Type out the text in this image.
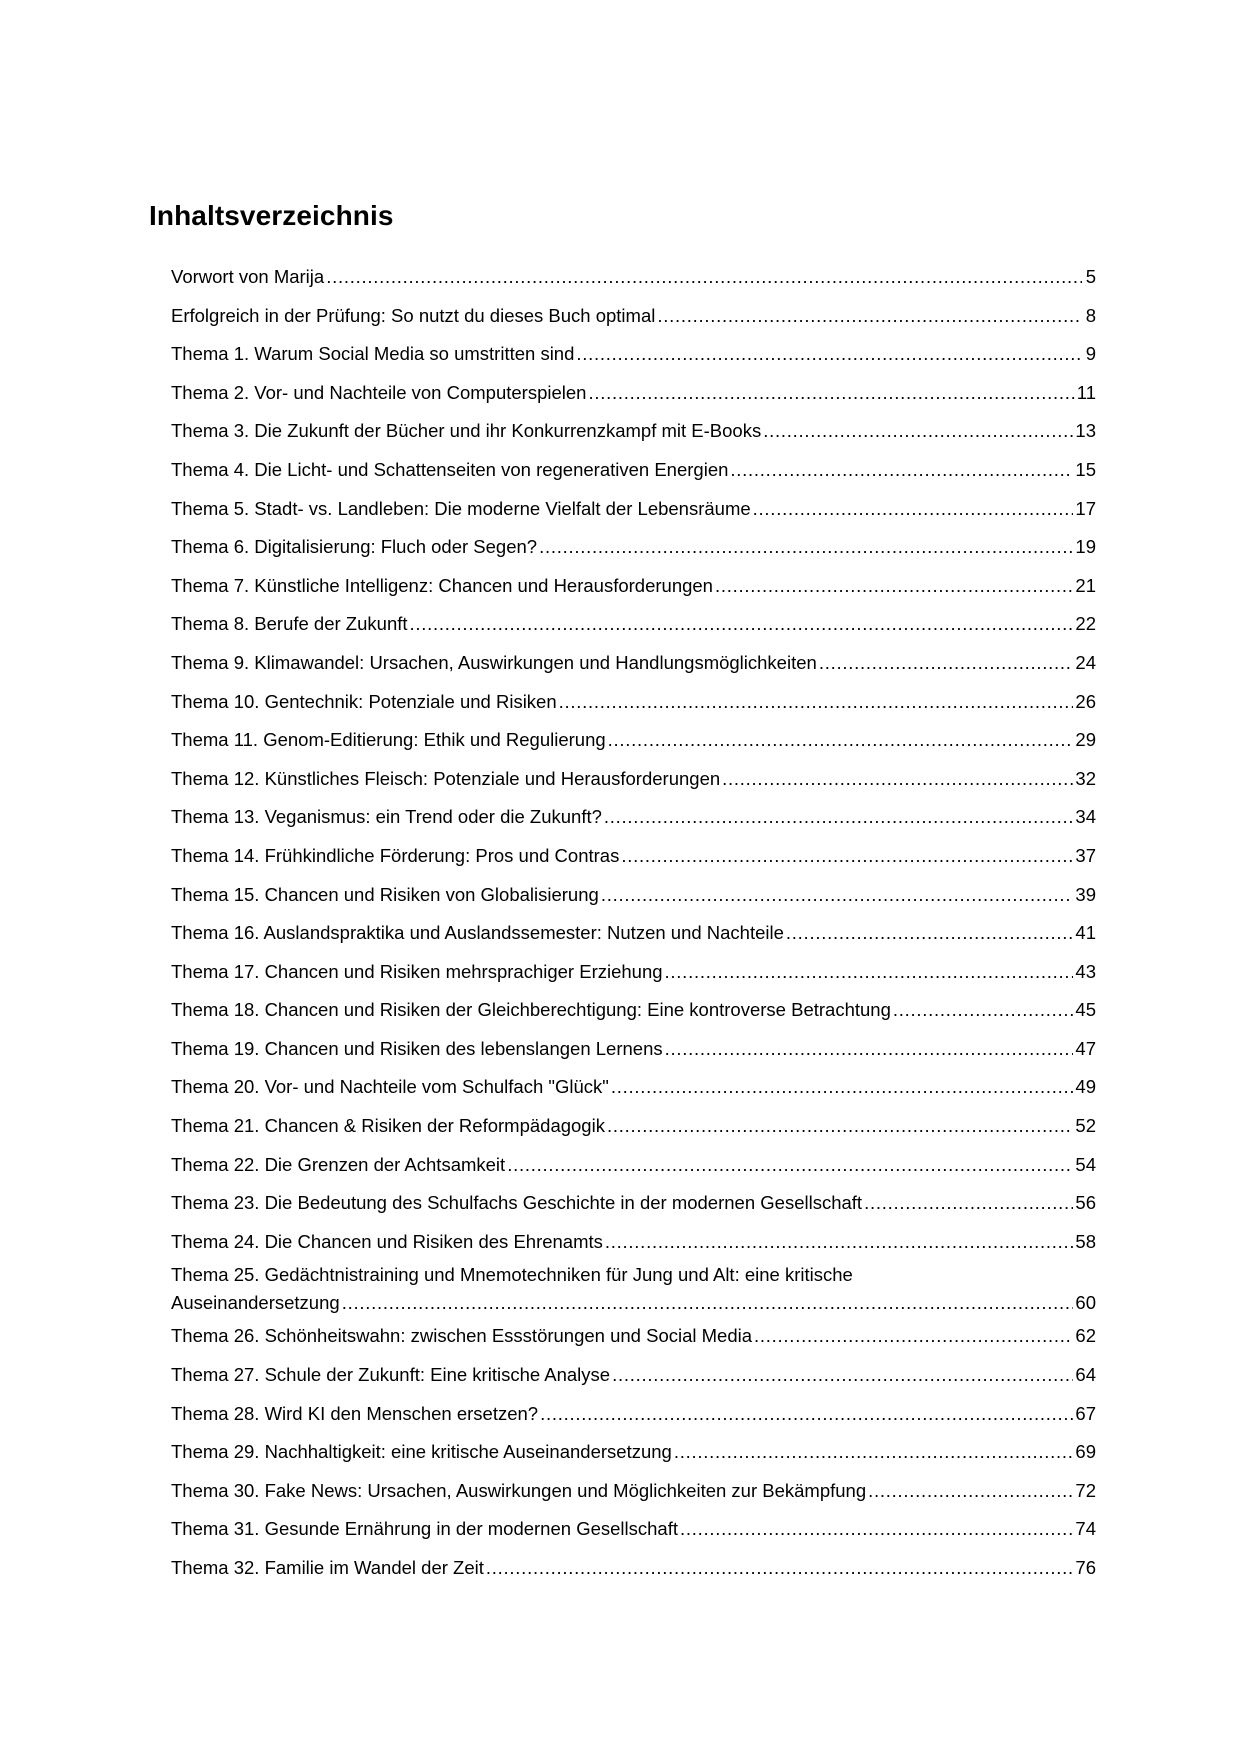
Inhaltsverzeichnis
Vorwort von Marija . . .	5
Erfolgreich in der Prüfung: So nutzt du dieses Buch optimal . . .	8
Thema 1. Warum Social Media so umstritten sind . . .	9
Thema 2. Vor- und Nachteile von Computerspielen . . .	11
Thema 3. Die Zukunft der Bücher und ihr Konkurrenzkampf mit E-Books . . .	13
Thema 4. Die Licht- und Schattenseiten von regenerativen Energien . . .	15
Thema 5. Stadt- vs. Landleben: Die moderne Vielfalt der Lebensräume . . .	17
Thema 6. Digitalisierung: Fluch oder Segen? . . .	19
Thema 7. Künstliche Intelligenz: Chancen und Herausforderungen . . .	21
Thema 8. Berufe der Zukunft . . .	22
Thema 9. Klimawandel: Ursachen, Auswirkungen und Handlungsmöglichkeiten . . .	24
Thema 10. Gentechnik: Potenziale und Risiken . . .	26
Thema 11. Genom-Editierung: Ethik und Regulierung . . .	29
Thema 12. Künstliches Fleisch: Potenziale und Herausforderungen . . .	32
Thema 13. Veganismus: ein Trend oder die Zukunft? . . .	34
Thema 14. Frühkindliche Förderung: Pros und Contras . . .	37
Thema 15. Chancen und Risiken von Globalisierung . . .	39
Thema 16. Auslandspraktika und Auslandssemester: Nutzen und Nachteile . . .	41
Thema 17. Chancen und Risiken mehrsprachiger Erziehung . . .	43
Thema 18. Chancen und Risiken der Gleichberechtigung: Eine kontroverse Betrachtung . . .	45
Thema 19. Chancen und Risiken des lebenslangen Lernens . . .	47
Thema 20. Vor- und Nachteile vom Schulfach "Glück" . . .	49
Thema 21. Chancen & Risiken der Reformpädagogik . . .	52
Thema 22. Die Grenzen der Achtsamkeit . . .	54
Thema 23. Die Bedeutung des Schulfachs Geschichte in der modernen Gesellschaft . . .	56
Thema 24. Die Chancen und Risiken des Ehrenamts . . .	58
Thema 25. Gedächtnistraining und Mnemotechniken für Jung und Alt: eine kritische
Auseinandersetzung . . .	60
Thema 26. Schönheitswahn: zwischen Essstörungen und Social Media . . .	62
Thema 27. Schule der Zukunft: Eine kritische Analyse . . .	64
Thema 28. Wird KI den Menschen ersetzen? . . .	67
Thema 29. Nachhaltigkeit: eine kritische Auseinandersetzung . . .	69
Thema 30. Fake News: Ursachen, Auswirkungen und Möglichkeiten zur Bekämpfung . . .	72
Thema 31. Gesunde Ernährung in der modernen Gesellschaft . . .	74
Thema 32. Familie im Wandel der Zeit . . .	76
